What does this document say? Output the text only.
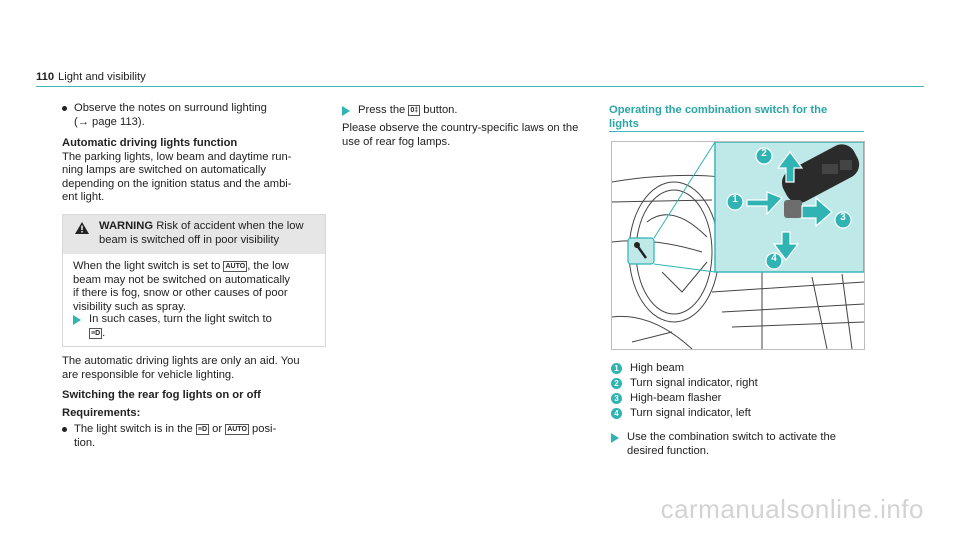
110 Light and visibility
Observe the notes on surround lighting
(→ page 113).
Automatic driving lights function
The parking lights, low beam and daytime run-
ning lamps are switched on automatically
depending on the ignition status and the ambi-
ent light.
WARNING Risk of accident when the low
beam is switched off in poor visibility
When the light switch is set to AUTO , the low
beam may not be switched on automatically
if there is fog, snow or other causes of poor
visibility such as spray.
In such cases, turn the light switch to
≡D .
The automatic driving lights are only an aid. You
are responsible for vehicle lighting.
Switching the rear fog lights on or off
Requirements:
The light switch is in the ≡D or AUTO posi-
tion.
Press the 0‡ button.
Please observe the country-specific laws on the
use of rear fog lamps.
Operating the combination switch for the
lights
1
2
3
4
1 High beam
2 Turn signal indicator, right
3 High-beam flasher
4 Turn signal indicator, left
Use the combination switch to activate the
desired function.
carmanualsonline.info
